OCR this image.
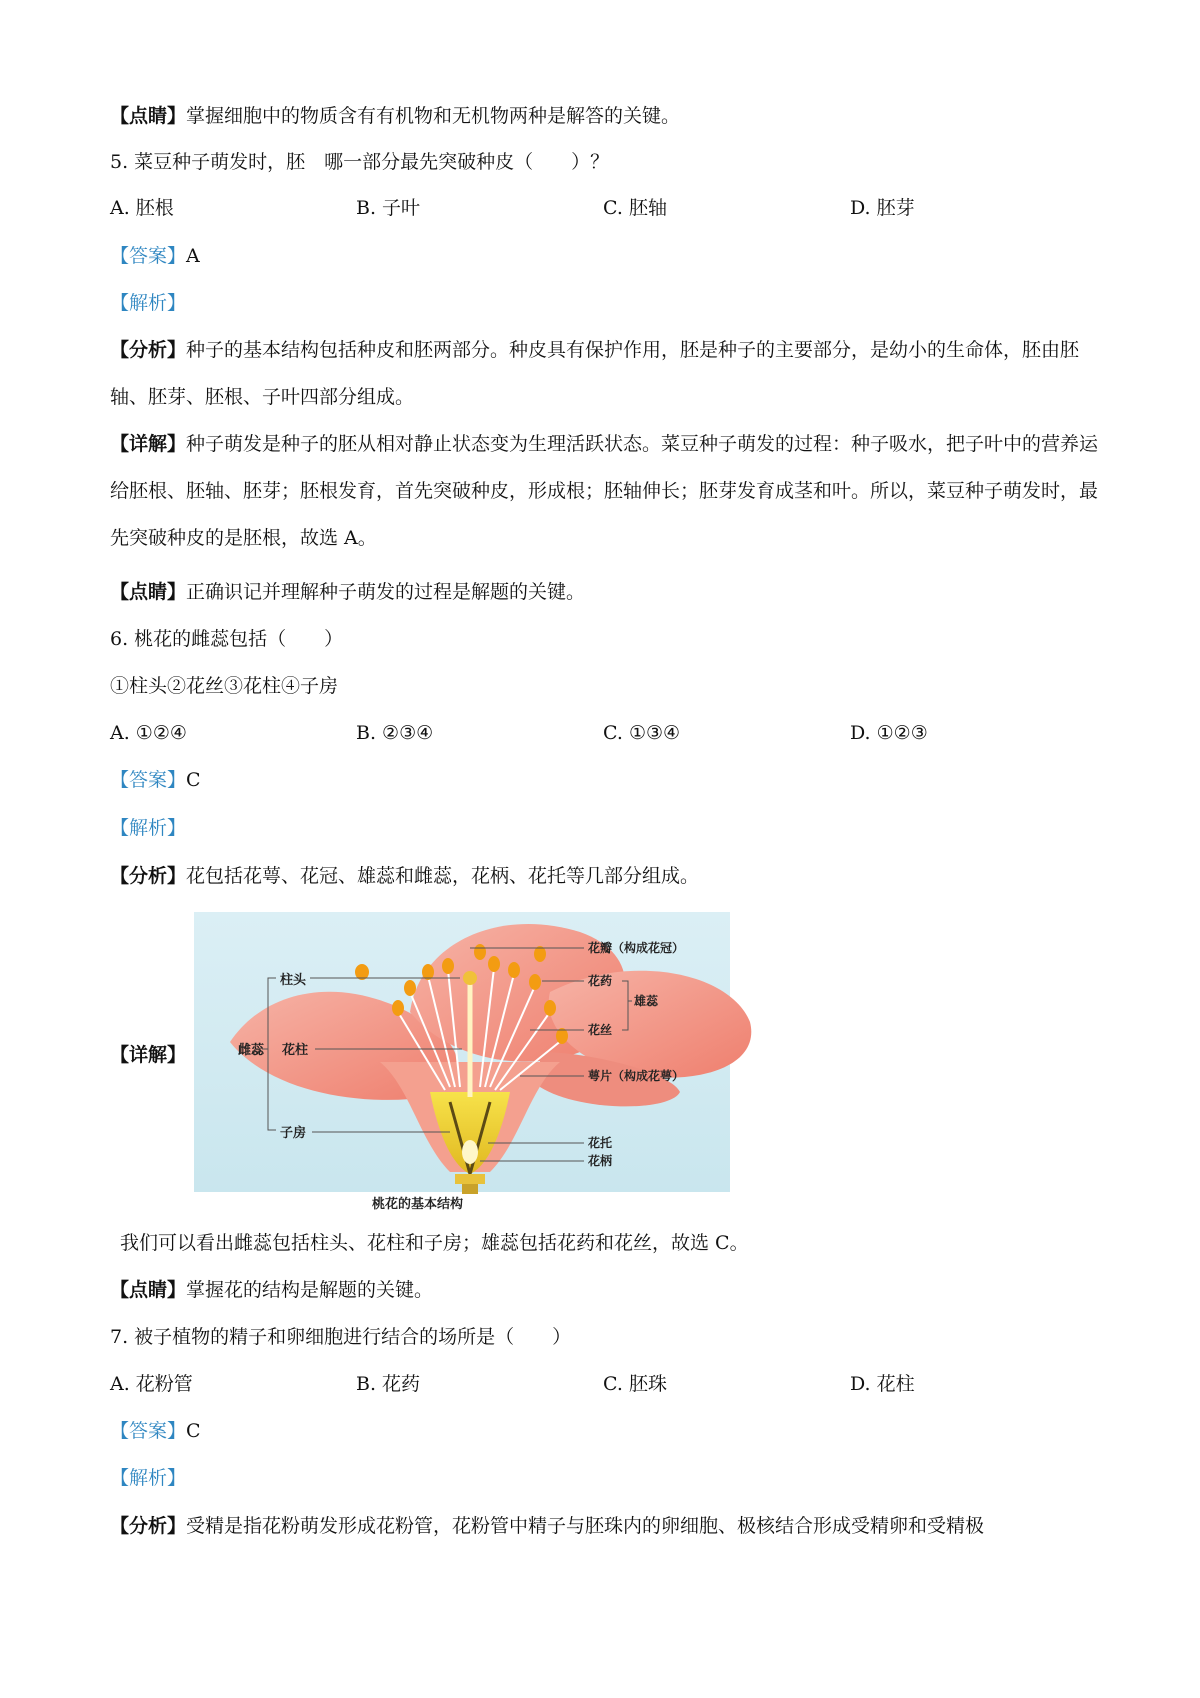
【点睛】掌握细胞中的物质含有有机物和无机物两种是解答的关键。
5. 菜豆种子萌发时，胚　哪一部分最先突破种皮（　　）？
A. 胚根	B. 子叶	C. 胚轴	D. 胚芽
【答案】A
【解析】
【分析】种子的基本结构包括种皮和胚两部分。种皮具有保护作用，胚是种子的主要部分，是幼小的生命体，胚由胚轴、胚芽、胚根、子叶四部分组成。
【详解】种子萌发是种子的胚从相对静止状态变为生理活跃状态。菜豆种子萌发的过程：种子吸水，把子叶中的营养运给胚根、胚轴、胚芽；胚根发育，首先突破种皮，形成根；胚轴伸长；胚芽发育成茎和叶。所以，菜豆种子萌发时，最先突破种皮的是胚根，故选 A。
【点睛】正确识记并理解种子萌发的过程是解题的关键。
6. 桃花的雌蕊包括（　　）
①柱头②花丝③花柱④子房
A. ①②④	B. ②③④	C. ①③④	D. ①②③
【答案】C
【解析】
【分析】花包括花萼、花冠、雄蕊和雌蕊，花柄、花托等几部分组成。
【详解】
柱头
雌蕊 花柱
子房
花瓣（构成花冠）
花药
雄蕊
花丝
萼片（构成花萼）
花托
花柄
桃花的基本结构
我们可以看出雌蕊包括柱头、花柱和子房；雄蕊包括花药和花丝，故选 C。
【点睛】掌握花的结构是解题的关键。
7. 被子植物的精子和卵细胞进行结合的场所是（　　）
A. 花粉管	B. 花药	C. 胚珠	D. 花柱
【答案】C
【解析】
【分析】受精是指花粉萌发形成花粉管，花粉管中精子与胚珠内的卵细胞、极核结合形成受精卵和受精极
